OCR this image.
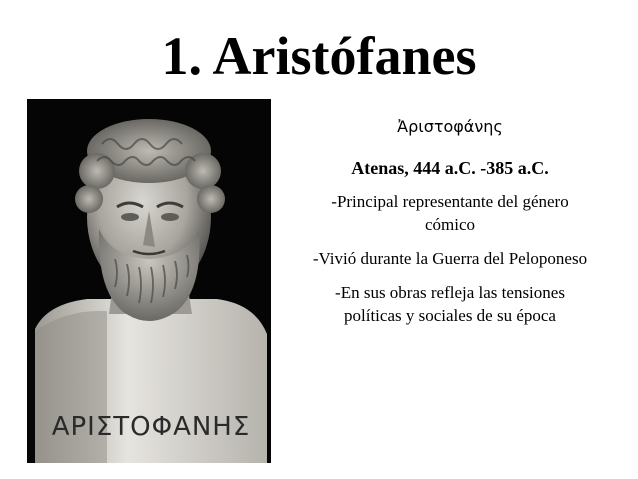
1. Aristófanes
ΑΡΙΣΤΟΦΑΝΗΣ
Ἀριστοφάνης

Atenas, 444 a.C. -385 a.C.

-Principal representante del género cómico

-Vivió durante la Guerra del Peloponeso

-En sus obras refleja las tensiones políticas y sociales de su época
